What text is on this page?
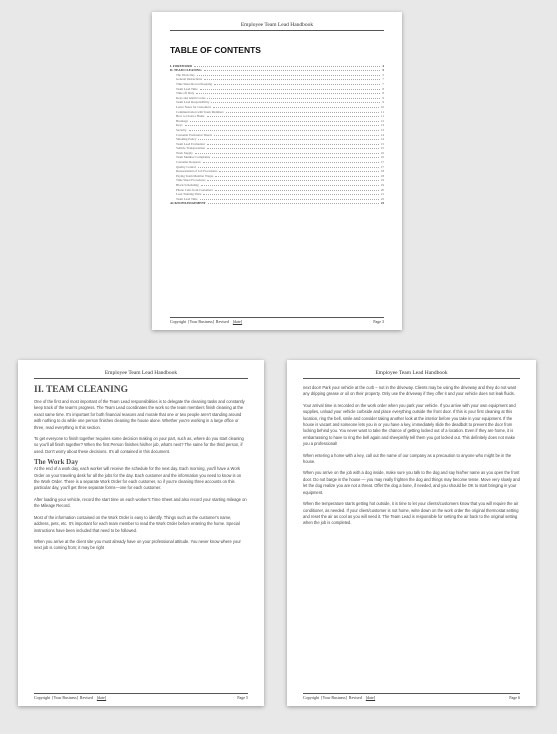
Employee Team Lead Handbook
TABLE OF CONTENTS
I. FOREWORD	4
II. TEAM CLEANING	5
The Work Day	5
General Instructions	7
Time Sheet Record Keeping	7
Team Lead Time	8
Time off Duty	8
Keys and Alarm Codes	9
Team Lead Responsibility	9
Leave Notes for Customers	10
Communication with Team Members	11
How to Clean a Home	11
Breakage	12
Keys	13
Security	13
Customer Preference Sheets	14
Smoking Policy	14
Team Lead Evaluation	15
Vehicle Transportation	15
Work Supply	16
Team Member Complaints	16
Customer Requests	17
Quality Control	17
Reassessment of Job Procedures	18
Paying Team Member Wages	18
Time Sheet Procedures	19
Block Scheduling	19
Phone Calls from Customers	20
Lead Training Time	21
Team Lead Time	22
ACKNOWLEDGEMENT	23
Copyright  [Your Business]  Revised [date]	Page 3
Employee Team Lead Handbook
II. TEAM CLEANING
One of the first and most important of the Team Lead responsibilities is to delegate the cleaning tasks and constantly keep track of the team's progress. The Team Lead coordinates the work so the team members finish cleaning at the exact same time. It's important for both financial reasons and morale that one or two people aren't standing around with nothing to do while one person finishes cleaning the house alone. Whether you're working in a large office or three, read everything in this section.
To get everyone to finish together requires some decision making on your part, such as, where do you start cleaning so you'll all finish together? When the first Person finishes his/her job, what's next? The same for the third person, if used. Don't worry about these decisions. It's all contained in this document.
The Work Day
At the end of a work day, each worker will receive the schedule for the next day. Each morning, you'll have a Work Order on your traveling desk for all the jobs for the day. Each customer and the information you need to know is on the Work Order. There is a separate Work Order for each customer, so if you're cleaning three accounts on this particular day, you'll get three separate forms—one for each customer.
After loading your vehicle, record the start time on each worker's Time Sheet and also record your starting mileage on the Mileage Record.
Most of the information contained on the Work Order is easy to identify. Things such as the customer's name, address, pets, etc. It's important for each team member to read the Work Order before entering the home. Special instructions have been included that need to be followed.
When you arrive at the client site you must already have on your professional attitude. You never know where your next job is coming from; it may be right
Copyright  [Your Business]  Revised [date]	Page 5
Employee Team Lead Handbook
next door! Park your vehicle at the curb – not in the driveway. Clients may be using the driveway and they do not want any dripping grease or oil on their property. Only use the driveway if they offer it and your vehicle does not leak fluids.
Your arrival time is recorded on the work order when you park your vehicle. If you arrive with your own equipment and supplies, unload your vehicle curbside and place everything outside the front door. If this is your first cleaning at this location, ring the bell, smile and consider taking another look at the interior before you take in your equipment. If the house is vacant and someone lets you in or you have a key, immediately slide the deadbolt to prevent the door from locking behind you. You never want to take the chance of getting locked out of a location. Even if they are home, it is embarrassing to have to ring the bell again and sheepishly tell them you got locked out. This definitely does not make you a professional!
When entering a home with a key, call out the name of our company as a precaution to anyone who might be in the house.
When you arrive on the job with a dog inside, make sure you talk to the dog and say his/her name as you open the front door. Do not barge in the house — you may really frighten the dog and things may become tense. Move very slowly and let the dog realize you are not a threat. Offer the dog a bone, if needed, and you should be OK to start bringing in your equipment.
When the temperature starts getting hot outside, it is time to let your clients/customers know that you will require the air conditioner, as needed. If your client/customer is not home, write down on the work order the original thermostat setting and reset the air as cool as you will need it. The Team Lead is responsible for setting the air back to the original setting when the job is completed.
Copyright  [Your Business]  Revised [date]	Page 6
